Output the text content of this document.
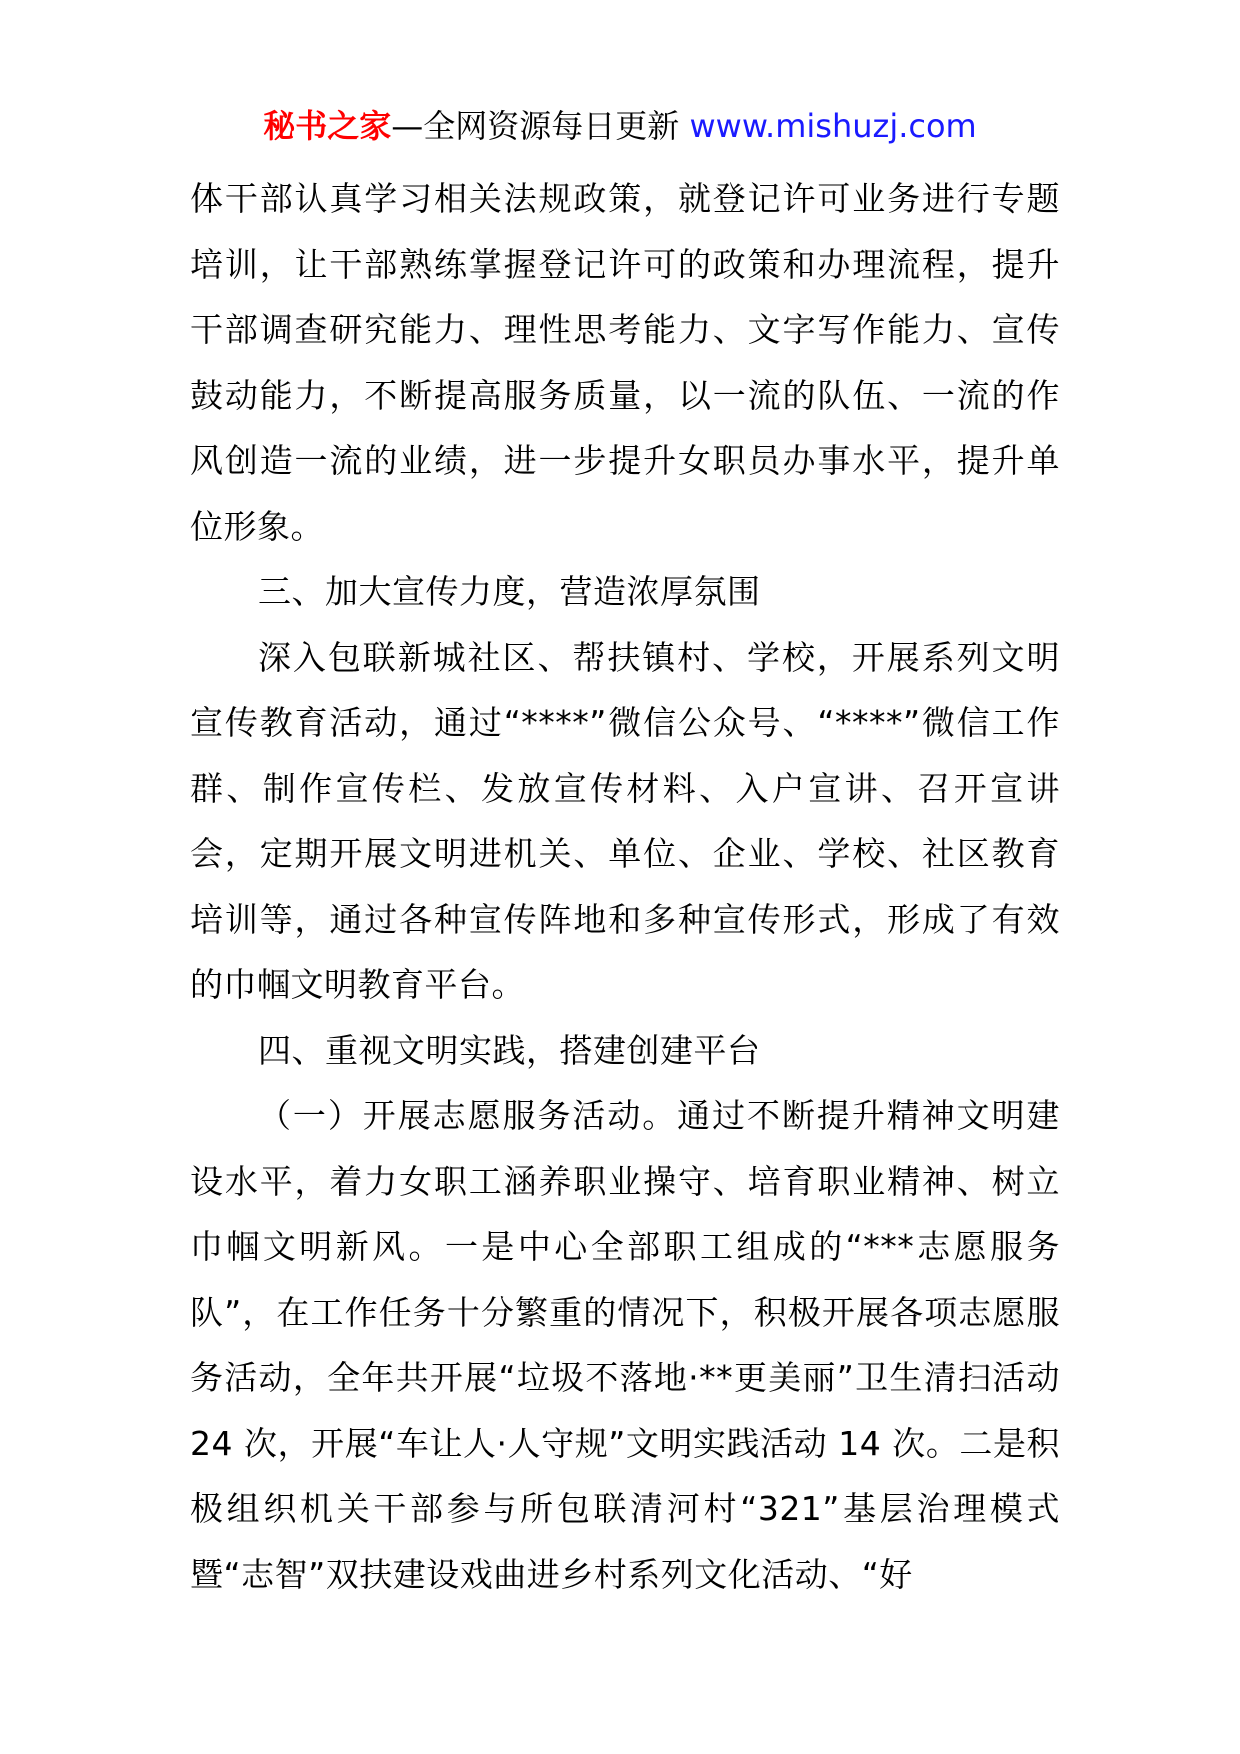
秘书之家—全网资源每日更新 www.mishuzj.com

体干部认真学习相关法规政策，就登记许可业务进行专题培训，让干部熟练掌握登记许可的政策和办理流程，提升干部调查研究能力、理性思考能力、文字写作能力、宣传鼓动能力，不断提高服务质量，以一流的队伍、一流的作风创造一流的业绩，进一步提升女职员办事水平，提升单位形象。

三、加大宣传力度，营造浓厚氛围

深入包联新城社区、帮扶镇村、学校，开展系列文明宣传教育活动，通过“****”微信公众号、“****”微信工作群、制作宣传栏、发放宣传材料、入户宣讲、召开宣讲会，定期开展文明进机关、单位、企业、学校、社区教育培训等，通过各种宣传阵地和多种宣传形式，形成了有效的巾帼文明教育平台。

四、重视文明实践，搭建创建平台

（一）开展志愿服务活动。通过不断提升精神文明建设水平，着力女职工涵养职业操守、培育职业精神、树立巾帼文明新风。一是中心全部职工组成的“***志愿服务队”，在工作任务十分繁重的情况下，积极开展各项志愿服务活动，全年共开展“垃圾不落地·**更美丽”卫生清扫活动 24 次，开展“车让人·人守规”文明实践活动 14 次。二是积极组织机关干部参与所包联清河村“321”基层治理模式暨“志智”双扶建设戏曲进乡村系列文化活动、“好
